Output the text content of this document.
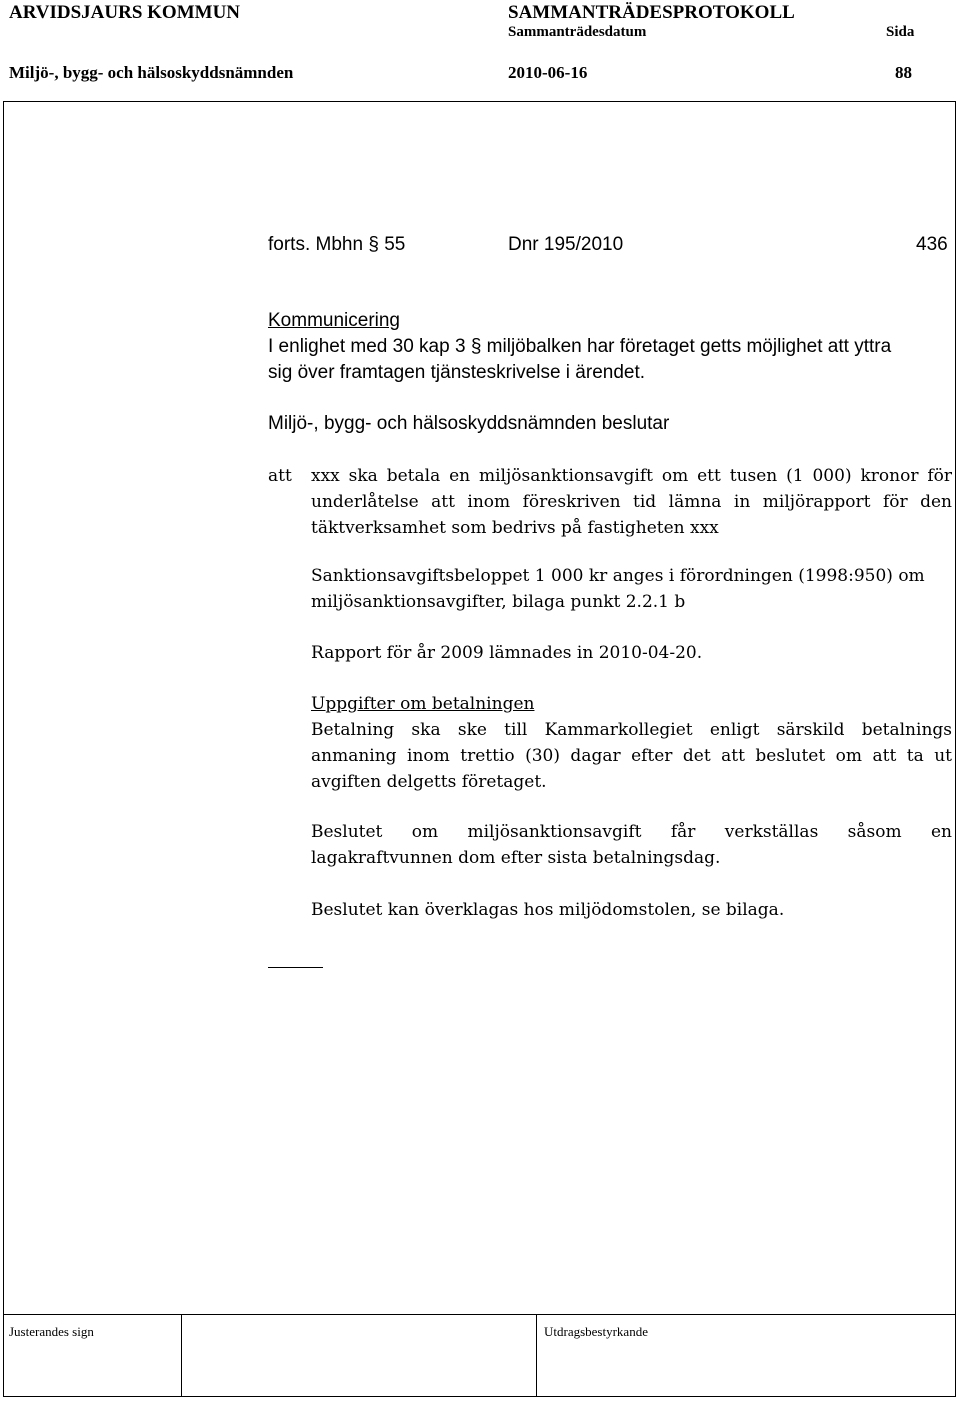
ARVIDSJAURS KOMMUN	SAMMANTRÄDESPROTOKOLL
Sammanträdesdatum	Sida
Miljö-, bygg- och hälsoskyddsnämnden	2010-06-16	88
forts. Mbhn § 55	Dnr 195/2010	436
Kommunicering
I enlighet med 30 kap 3 § miljöbalken har företaget getts möjlighet att yttra
sig över framtagen tjänsteskrivelse i ärendet.
Miljö-, bygg- och hälsoskyddsnämnden beslutar
att xxx ska betala en miljösanktionsavgift om ett tusen (1 000) kronor för underlåtelse att inom föreskriven tid lämna in miljörapport för den täktverksamhet som bedrivs på fastigheten xxx
Sanktionsavgiftsbeloppet 1 000 kr anges i förordningen (1998:950) om miljösanktionsavgifter, bilaga punkt 2.2.1 b
Rapport för år 2009 lämnades in 2010-04-20.
Uppgifter om betalningen
Betalning ska ske till Kammarkollegiet enligt särskild betalnings anmaning inom trettio (30) dagar efter det att beslutet om att ta ut avgiften delgetts företaget.
Beslutet om miljösanktionsavgift får verkställas såsom en lagakraftvunnen dom efter sista betalningsdag.
Beslutet kan överklagas hos miljödomstolen, se bilaga.
Justerandes sign	Utdragsbestyrkande
